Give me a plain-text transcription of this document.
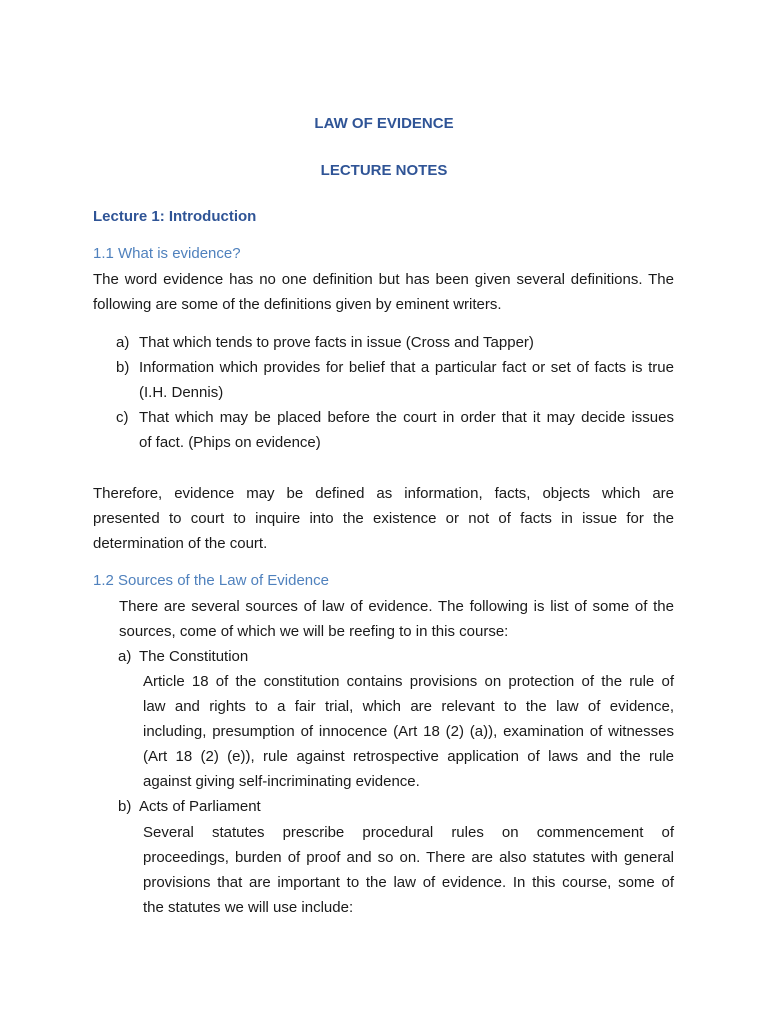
LAW OF EVIDENCE
LECTURE NOTES
Lecture 1: Introduction
1.1 What is evidence?
The word evidence has no one definition but has been given several definitions. The
following are some of the definitions given by eminent writers.
a) That which tends to prove facts in issue (Cross and Tapper)
b) Information which provides for belief that a particular fact or set of facts is true
(I.H. Dennis)
c) That which may be placed before the court in order that it may decide issues
of fact. (Phips on evidence)
Therefore, evidence may be defined as information, facts, objects which are
presented to court to inquire into the existence or not of facts in issue for the
determination of the court.
1.2 Sources of the Law of Evidence
There are several sources of law of evidence. The following is list of some of the
sources, come of which we will be reefing to in this course:
a) The Constitution
Article 18 of the constitution contains provisions on protection of the rule of
law and rights to a fair trial, which are relevant to the law of evidence,
including, presumption of innocence (Art 18 (2) (a)), examination of witnesses
(Art 18 (2) (e)), rule against retrospective application of laws and the rule
against giving self-incriminating evidence.
b) Acts of Parliament
Several statutes prescribe procedural rules on commencement of
proceedings, burden of proof and so on. There are also statutes with general
provisions that are important to the law of evidence. In this course, some of
the statutes we will use include:
